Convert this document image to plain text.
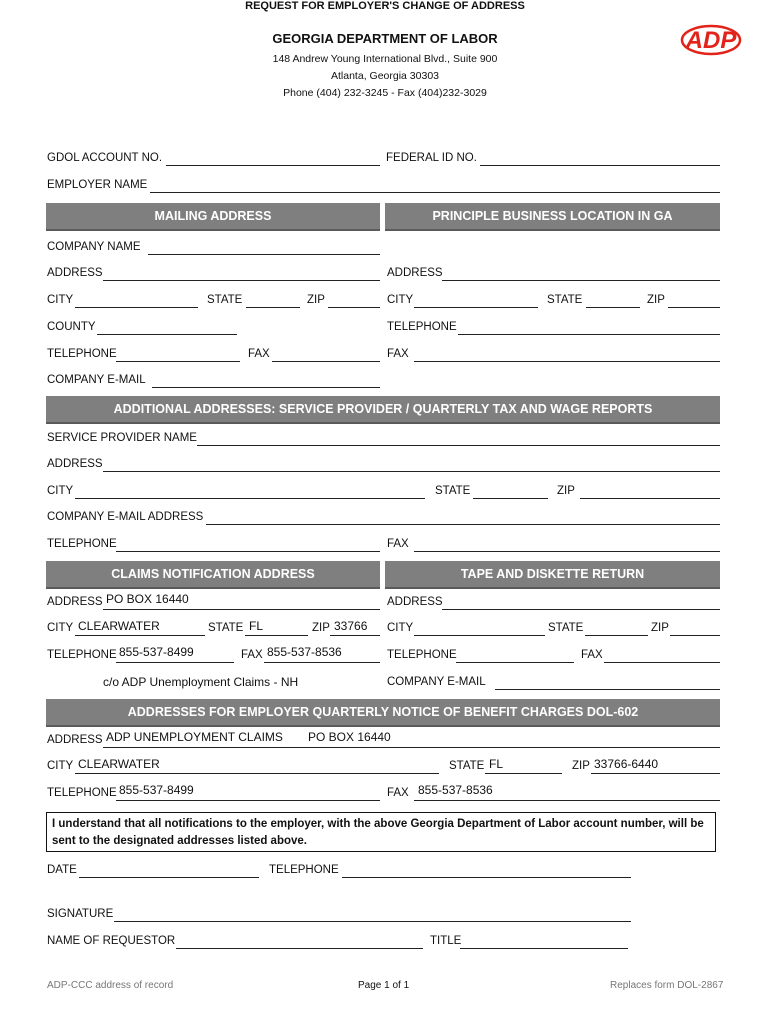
GEORGIA DEPARTMENT OF LABOR
148 Andrew Young International Blvd., Suite 900
Atlanta, Georgia 30303
Phone (404) 232-3245 - Fax (404)232-3029
REQUEST FOR EMPLOYER'S CHANGE OF ADDRESS
ADP
GDOL ACCOUNT NO.	FEDERAL ID NO.
EMPLOYER NAME
MAILING ADDRESS	PRINCIPLE BUSINESS LOCATION IN GA
COMPANY NAME
ADDRESS
CITY	STATE	ZIP
COUNTY
TELEPHONE	FAX
COMPANY E-MAIL
ADDRESS
CITY	STATE	ZIP
TELEPHONE
FAX
ADDITIONAL ADDRESSES: SERVICE PROVIDER / QUARTERLY TAX AND WAGE REPORTS
SERVICE PROVIDER NAME
ADDRESS
CITY	STATE	ZIP
COMPANY E-MAIL ADDRESS
TELEPHONE	FAX
CLAIMS NOTIFICATION ADDRESS	TAPE AND DISKETTE RETURN
ADDRESS PO BOX 16440
CITY CLEARWATER	STATE FL	ZIP 33766
TELEPHONE 855-537-8499	FAX 855-537-8536
c/o ADP Unemployment Claims - NH
ADDRESS
CITY	STATE	ZIP
TELEPHONE	FAX
COMPANY E-MAIL
ADDRESSES FOR EMPLOYER QUARTERLY NOTICE OF BENEFIT CHARGES DOL-602
ADDRESS ADP UNEMPLOYMENT CLAIMS PO BOX 16440
CITY CLEARWATER	STATE FL	ZIP 33766-6440
TELEPHONE 855-537-8499	FAX 855-537-8536
I understand that all notifications to the employer, with the above Georgia Department of Labor account number, will be sent to the designated addresses listed above.
DATE	TELEPHONE
SIGNATURE
NAME OF REQUESTOR	TITLE
ADP-CCC address of record	Page 1 of 1	Replaces form DOL-2867
